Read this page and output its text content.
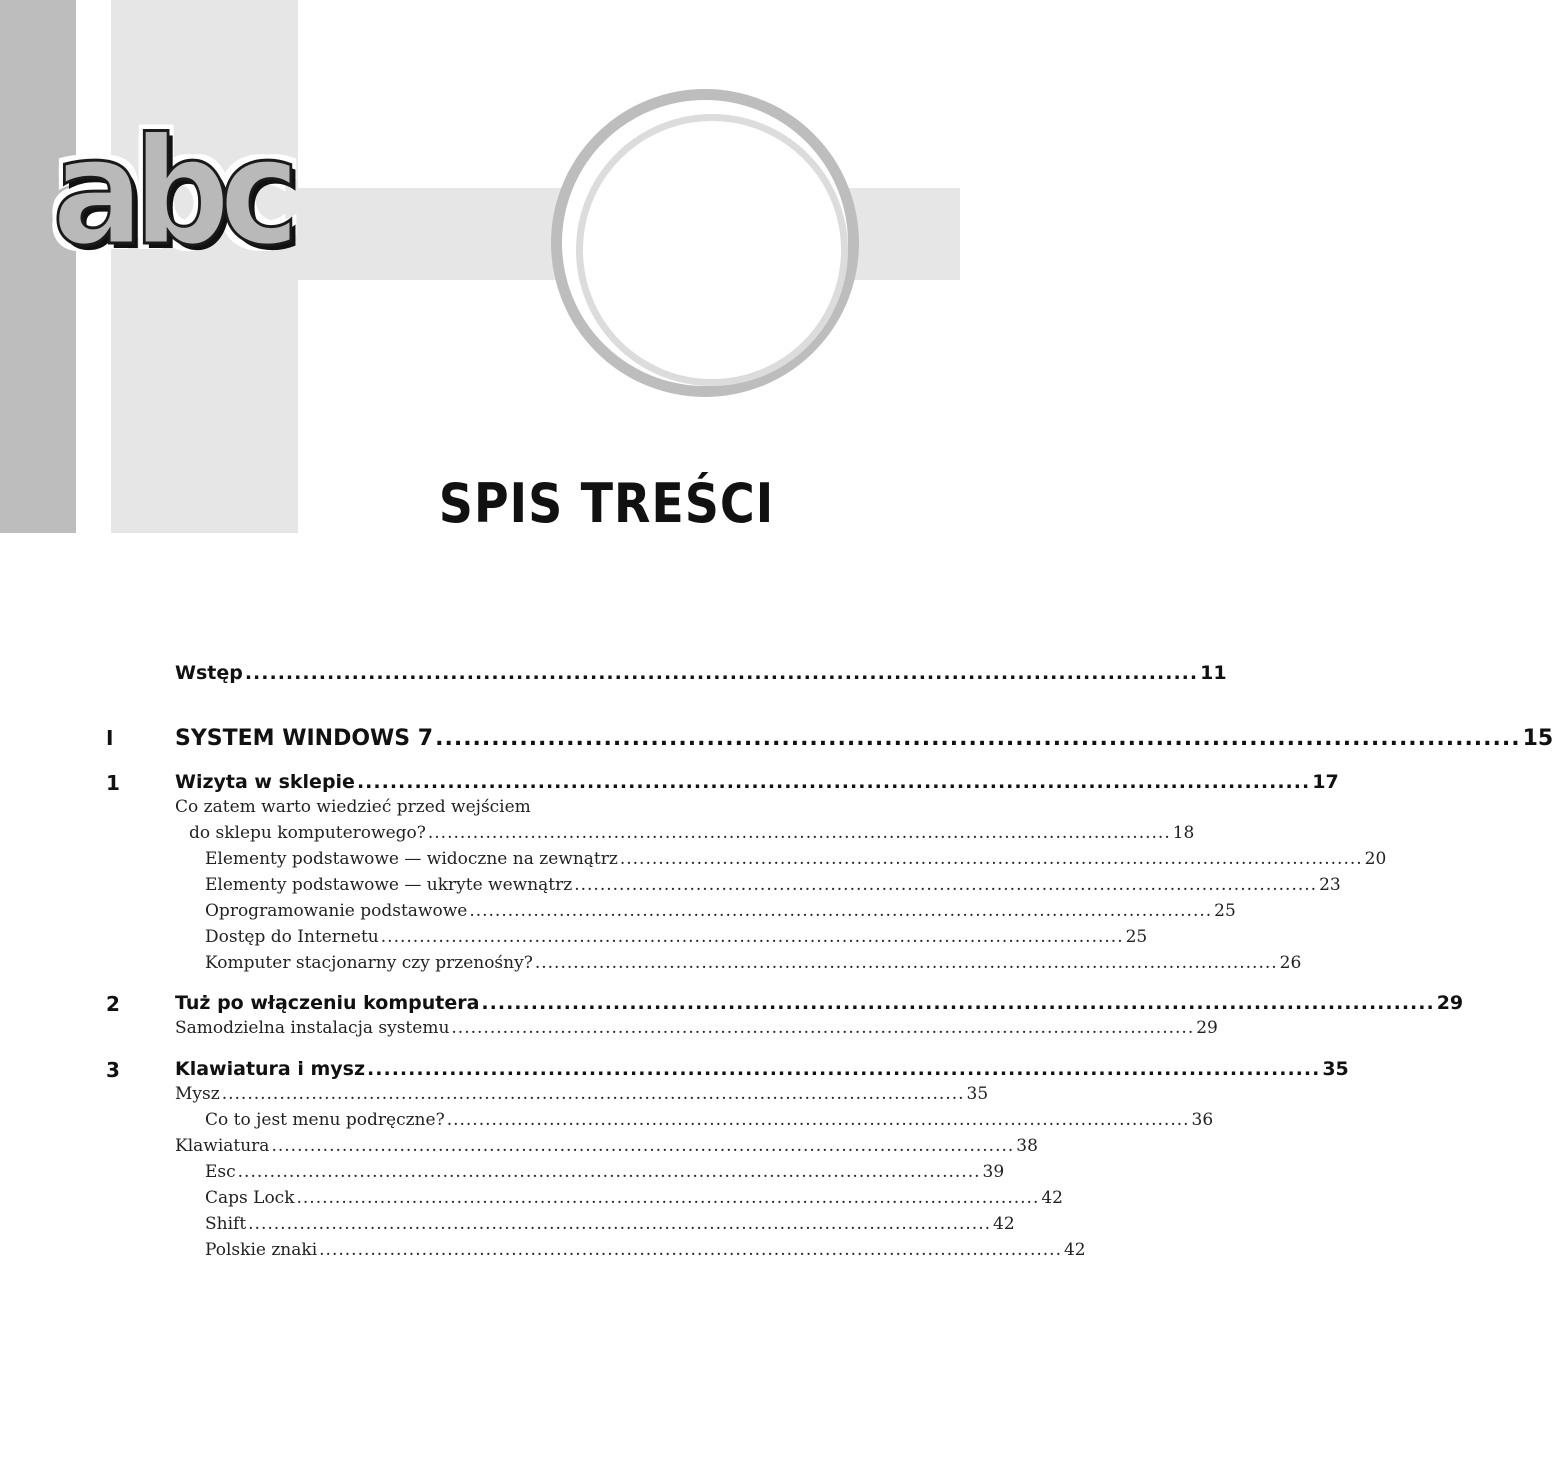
abc
SPIS TREŚCI
Wstęp .................................................................................................................... 11
I	SYSTEM WINDOWS 7 .................................................................................................................... 15
1	Wizyta w sklepie .................................................................................................................... 17
Co zatem warto wiedzieć przed wejściem
do sklepu komputerowego? .................................................................................................................... 18
Elementy podstawowe — widoczne na zewnątrz .................................................................................................................... 20
Elementy podstawowe — ukryte wewnątrz .................................................................................................................... 23
Oprogramowanie podstawowe .................................................................................................................... 25
Dostęp do Internetu .................................................................................................................... 25
Komputer stacjonarny czy przenośny? .................................................................................................................... 26
2	Tuż po włączeniu komputera .................................................................................................................... 29
Samodzielna instalacja systemu .................................................................................................................... 29
3	Klawiatura i mysz .................................................................................................................... 35
Mysz .................................................................................................................... 35
Co to jest menu podręczne? .................................................................................................................... 36
Klawiatura .................................................................................................................... 38
Esc .................................................................................................................... 39
Caps Lock .................................................................................................................... 42
Shift .................................................................................................................... 42
Polskie znaki .................................................................................................................... 42
